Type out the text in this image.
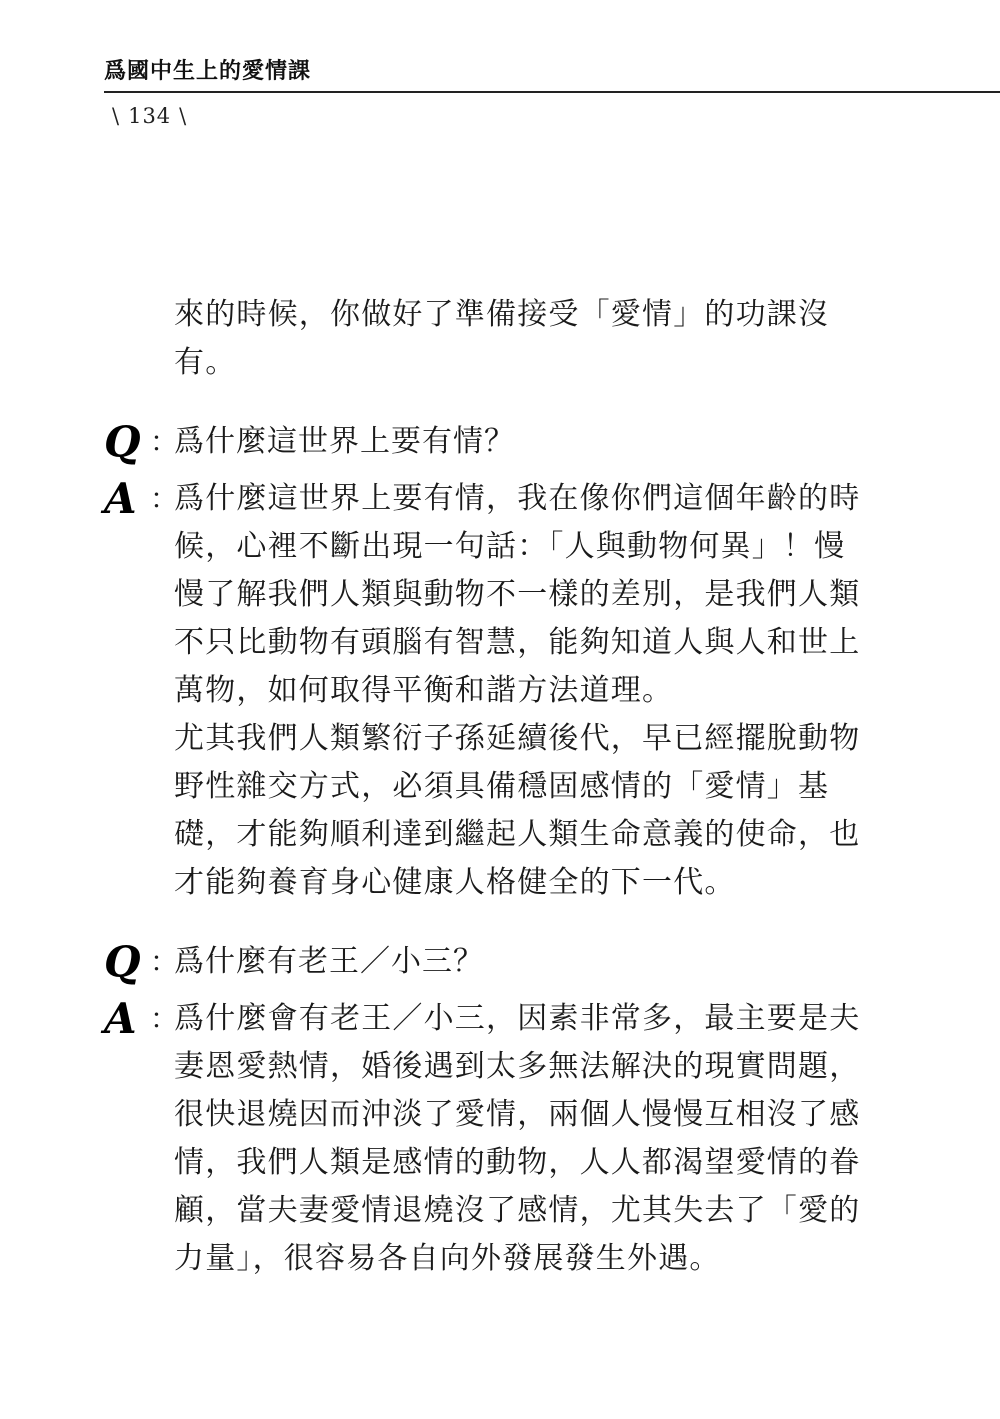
爲國中生上的愛情課
\ 134 \
來的時候，你做好了準備接受「愛情」的功課沒
有。
Q ：
爲什麼這世界上要有情？
A ：
爲什麼這世界上要有情，我在像你們這個年齡的時
候，心裡不斷出現一句話：「人與動物何異」！慢
慢了解我們人類與動物不一樣的差別，是我們人類
不只比動物有頭腦有智慧，能夠知道人與人和世上
萬物，如何取得平衡和諧方法道理。
尤其我們人類繁衍子孫延續後代，早已經擺脫動物
野性雜交方式，必須具備穩固感情的「愛情」基
礎，才能夠順利達到繼起人類生命意義的使命，也
才能夠養育身心健康人格健全的下一代。
Q ：
爲什麼有老王／小三？
A ：
爲什麼會有老王／小三，因素非常多，最主要是夫
妻恩愛熱情，婚後遇到太多無法解決的現實問題，
很快退燒因而沖淡了愛情，兩個人慢慢互相沒了感
情，我們人類是感情的動物，人人都渴望愛情的眷
顧，當夫妻愛情退燒沒了感情，尤其失去了「愛的
力量」，很容易各自向外發展發生外遇。
